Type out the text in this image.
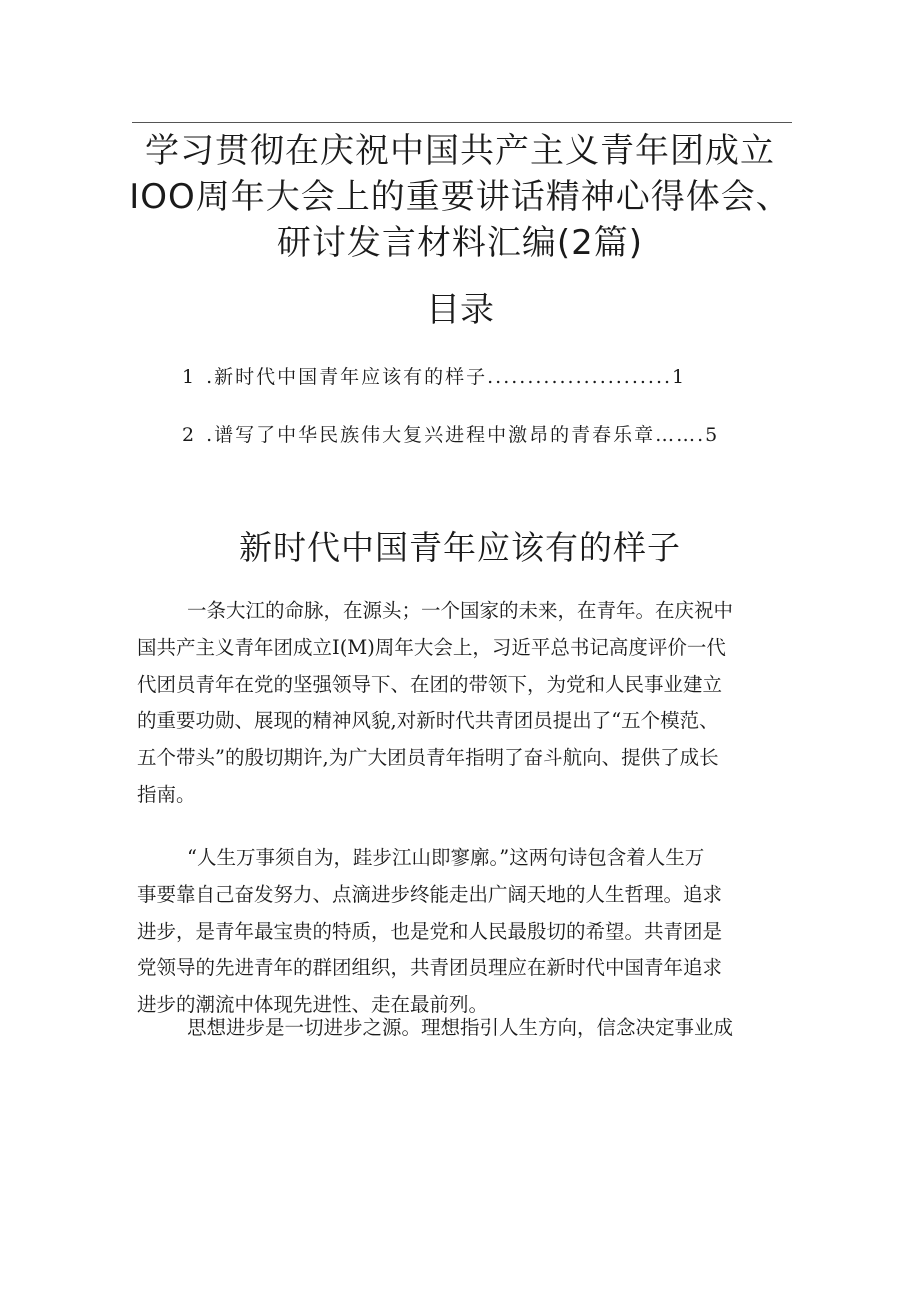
学习贯彻在庆祝中国共产主义青年团成立
IOO周年大会上的重要讲话精神心得体会、
研讨发言材料汇编(2篇)
目录
1 .新时代中国青年应该有的样子.......................1
2 .谱写了中华民族伟大复兴进程中激昂的青春乐章…….5
新时代中国青年应该有的样子
一条大江的命脉，在源头；一个国家的未来，在青年。在庆祝中
国共产主义青年团成立I(M)周年大会上，习近平总书记高度评价一代
代团员青年在党的坚强领导下、在团的带领下，为党和人民事业建立
的重要功勋、展现的精神风貌,对新时代共青团员提出了“五个模范、
五个带头”的殷切期许,为广大团员青年指明了奋斗航向、提供了成长
指南。
“人生万事须自为，跬步江山即寥廓。”这两句诗包含着人生万
事要靠自己奋发努力、点滴进步终能走出广阔天地的人生哲理。追求
进步，是青年最宝贵的特质，也是党和人民最殷切的希望。共青团是
党领导的先进青年的群团组织，共青团员理应在新时代中国青年追求
进步的潮流中体现先进性、走在最前列。
思想进步是一切进步之源。理想指引人生方向，信念决定事业成
